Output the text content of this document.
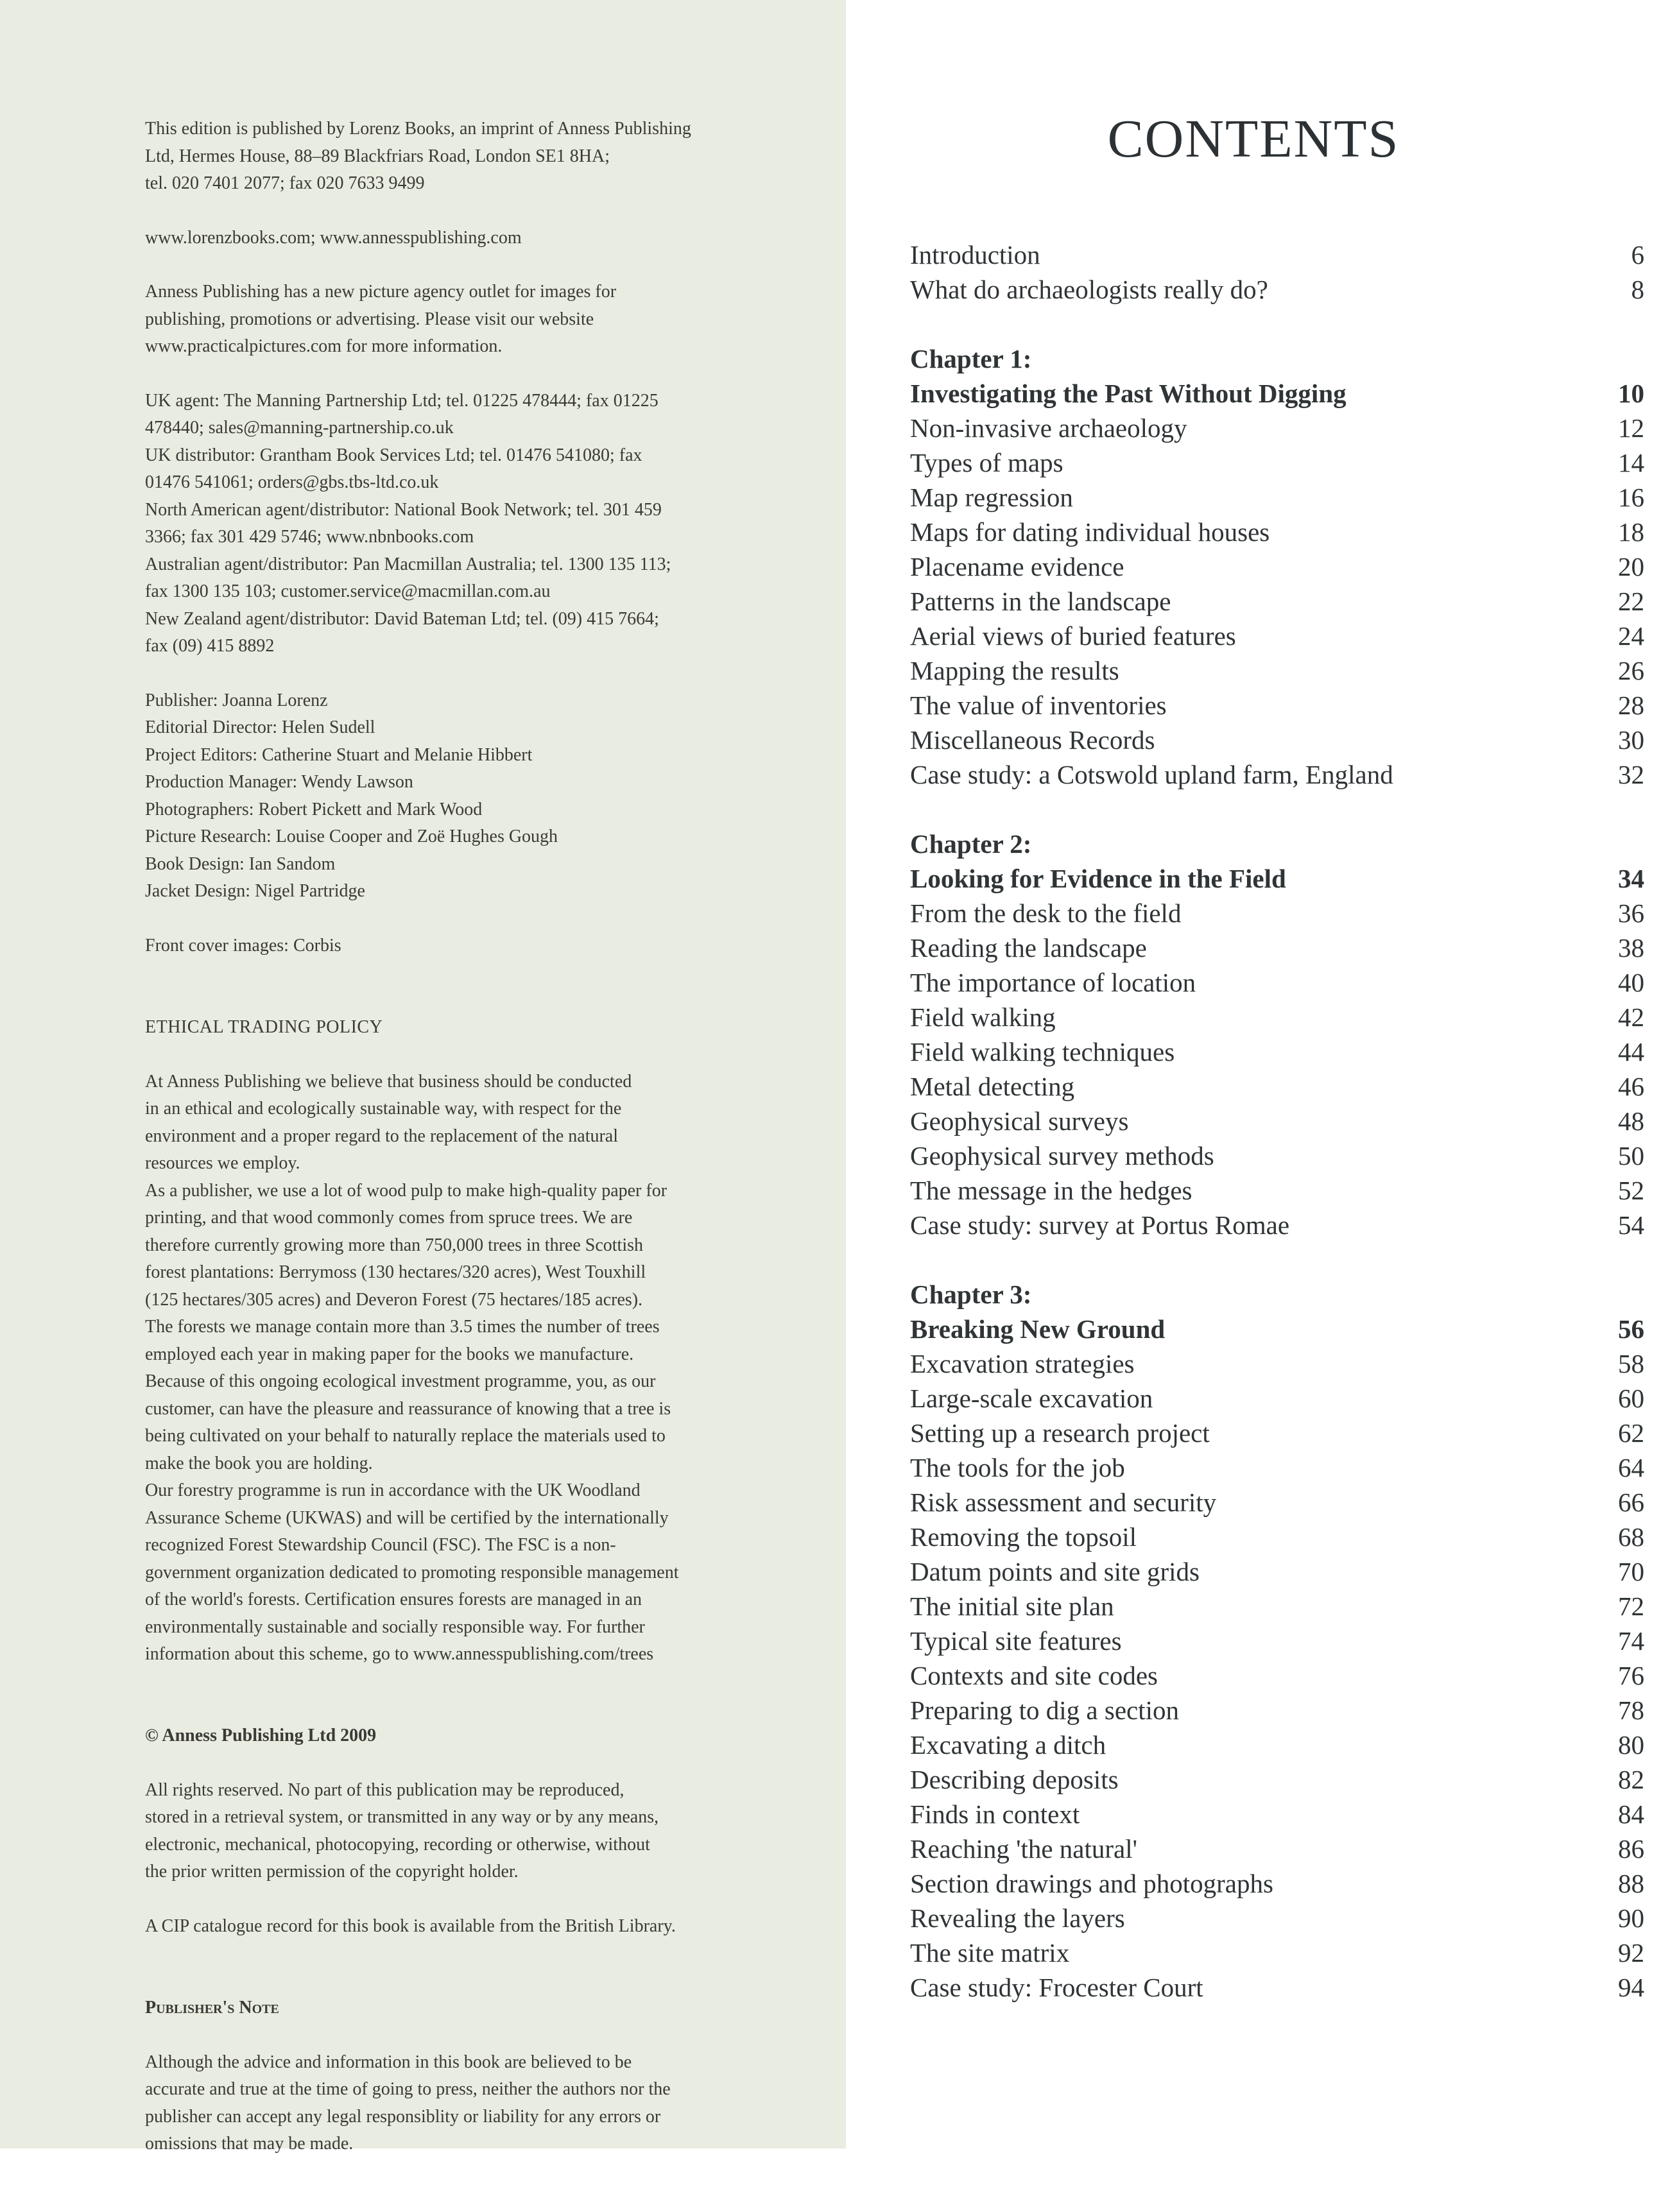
This edition is published by Lorenz Books, an imprint of Anness Publishing
Ltd, Hermes House, 88–89 Blackfriars Road, London SE1 8HA;
tel. 020 7401 2077; fax 020 7633 9499

www.lorenzbooks.com; www.annesspublishing.com

Anness Publishing has a new picture agency outlet for images for
publishing, promotions or advertising. Please visit our website
www.practicalpictures.com for more information.

UK agent: The Manning Partnership Ltd; tel. 01225 478444; fax 01225
478440; sales@manning-partnership.co.uk
UK distributor: Grantham Book Services Ltd; tel. 01476 541080; fax
01476 541061; orders@gbs.tbs-ltd.co.uk
North American agent/distributor: National Book Network; tel. 301 459
3366; fax 301 429 5746; www.nbnbooks.com
Australian agent/distributor: Pan Macmillan Australia; tel. 1300 135 113;
fax 1300 135 103; customer.service@macmillan.com.au
New Zealand agent/distributor: David Bateman Ltd; tel. (09) 415 7664;
fax (09) 415 8892

Publisher: Joanna Lorenz
Editorial Director: Helen Sudell
Project Editors: Catherine Stuart and Melanie Hibbert
Production Manager: Wendy Lawson
Photographers: Robert Pickett and Mark Wood
Picture Research: Louise Cooper and Zoë Hughes Gough
Book Design: Ian Sandom
Jacket Design: Nigel Partridge

Front cover images: Corbis

ETHICAL TRADING POLICY

At Anness Publishing we believe that business should be conducted
in an ethical and ecologically sustainable way, with respect for the
environment and a proper regard to the replacement of the natural
resources we employ.
As a publisher, we use a lot of wood pulp to make high-quality paper for
printing, and that wood commonly comes from spruce trees. We are
therefore currently growing more than 750,000 trees in three Scottish
forest plantations: Berrymoss (130 hectares/320 acres), West Touxhill
(125 hectares/305 acres) and Deveron Forest (75 hectares/185 acres).
The forests we manage contain more than 3.5 times the number of trees
employed each year in making paper for the books we manufacture.
Because of this ongoing ecological investment programme, you, as our
customer, can have the pleasure and reassurance of knowing that a tree is
being cultivated on your behalf to naturally replace the materials used to
make the book you are holding.
Our forestry programme is run in accordance with the UK Woodland
Assurance Scheme (UKWAS) and will be certified by the internationally
recognized Forest Stewardship Council (FSC). The FSC is a non-
government organization dedicated to promoting responsible management
of the world's forests. Certification ensures forests are managed in an
environmentally sustainable and socially responsible way. For further
information about this scheme, go to www.annesspublishing.com/trees

© Anness Publishing Ltd 2009

All rights reserved. No part of this publication may be reproduced,
stored in a retrieval system, or transmitted in any way or by any means,
electronic, mechanical, photocopying, recording or otherwise, without
the prior written permission of the copyright holder.

A CIP catalogue record for this book is available from the British Library.

Publisher's Note

Although the advice and information in this book are believed to be
accurate and true at the time of going to press, neither the authors nor the
publisher can accept any legal responsiblity or liability for any errors or
omissions that may be made.

CONTENTS
Introduction	6
What do archaeologists really do?	8
Chapter 1:
Investigating the Past Without Digging	10
Non-invasive archaeology	12
Types of maps	14
Map regression	16
Maps for dating individual houses	18
Placename evidence	20
Patterns in the landscape	22
Aerial views of buried features	24
Mapping the results	26
The value of inventories	28
Miscellaneous Records	30
Case study: a Cotswold upland farm, England	32
Chapter 2:
Looking for Evidence in the Field	34
From the desk to the field	36
Reading the landscape	38
The importance of location	40
Field walking	42
Field walking techniques	44
Metal detecting	46
Geophysical surveys	48
Geophysical survey methods	50
The message in the hedges	52
Case study: survey at Portus Romae	54
Chapter 3:
Breaking New Ground	56
Excavation strategies	58
Large-scale excavation	60
Setting up a research project	62
The tools for the job	64
Risk assessment and security	66
Removing the topsoil	68
Datum points and site grids	70
The initial site plan	72
Typical site features	74
Contexts and site codes	76
Preparing to dig a section	78
Excavating a ditch	80
Describing deposits	82
Finds in context	84
Reaching 'the natural'	86
Section drawings and photographs	88
Revealing the layers	90
The site matrix	92
Case study: Frocester Court	94
